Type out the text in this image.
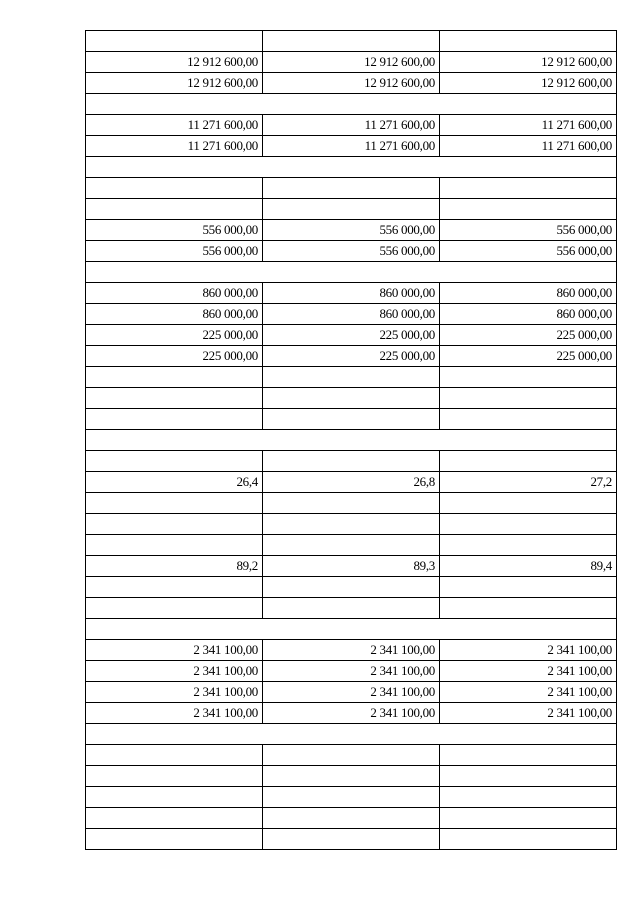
12 912 600,00	12 912 600,00	12 912 600,00
12 912 600,00	12 912 600,00	12 912 600,00

11 271 600,00	11 271 600,00	11 271 600,00
11 271 600,00	11 271 600,00	11 271 600,00

556 000,00	556 000,00	556 000,00
556 000,00	556 000,00	556 000,00

860 000,00	860 000,00	860 000,00
860 000,00	860 000,00	860 000,00
225 000,00	225 000,00	225 000,00
225 000,00	225 000,00	225 000,00

26,4	26,8	27,2

89,2	89,3	89,4

2 341 100,00	2 341 100,00	2 341 100,00
2 341 100,00	2 341 100,00	2 341 100,00
2 341 100,00	2 341 100,00	2 341 100,00
2 341 100,00	2 341 100,00	2 341 100,00
